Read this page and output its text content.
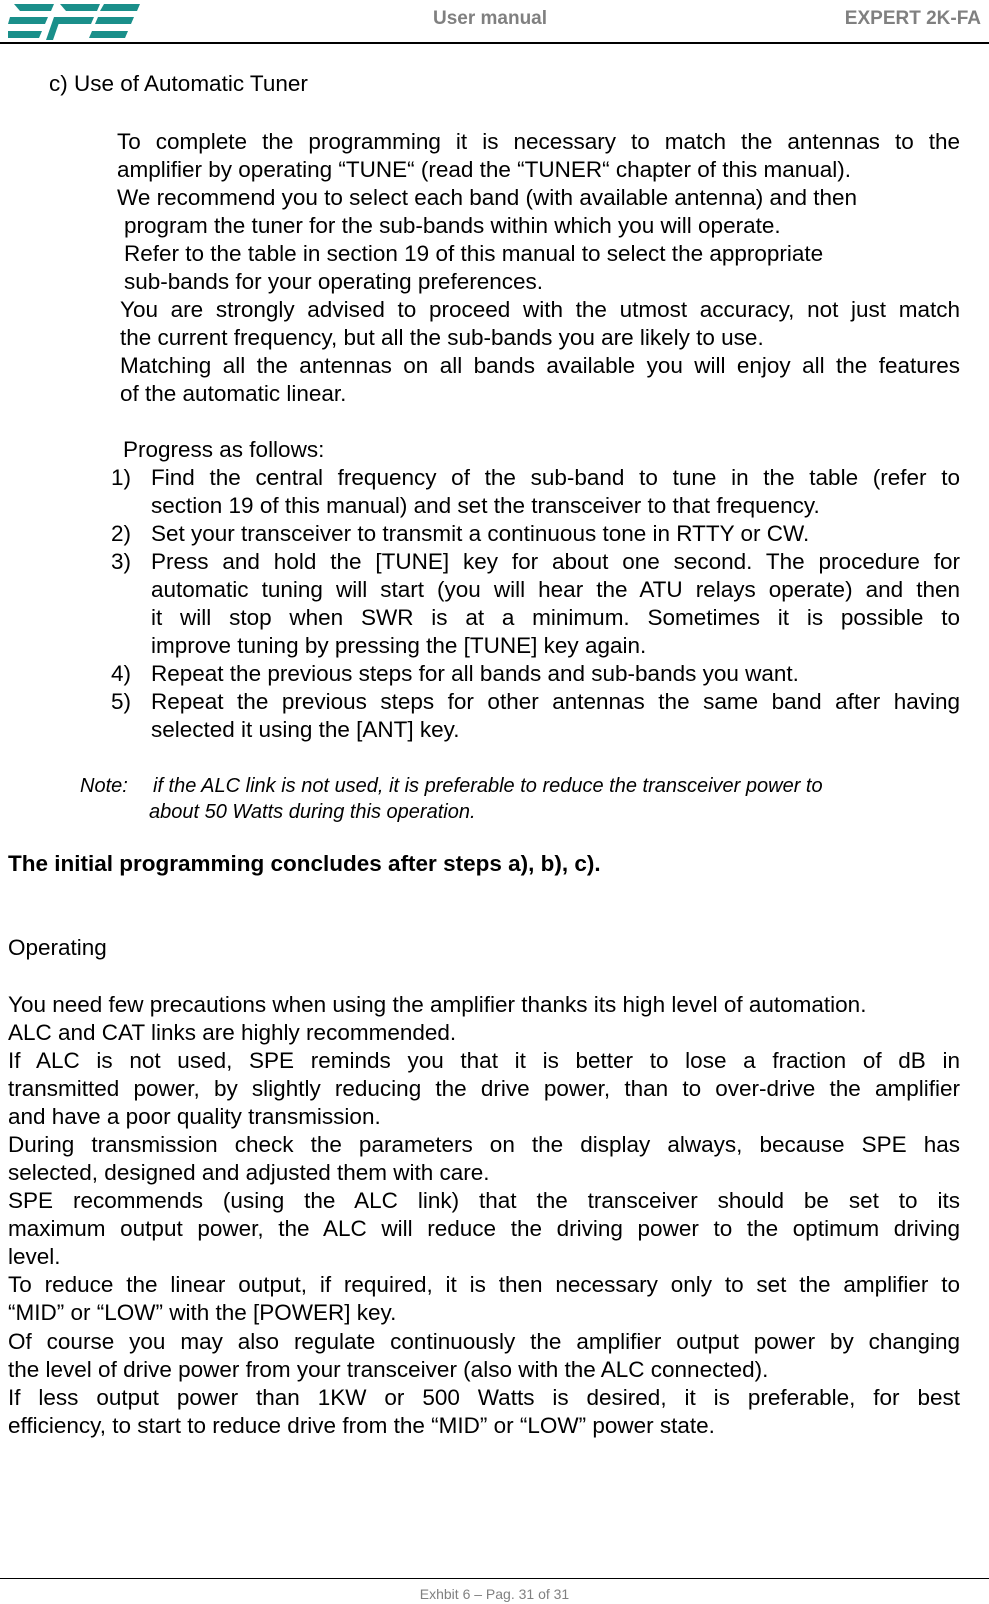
User manual	EXPERT 2K-FA
c) Use of Automatic Tuner
To complete the programming it is necessary to match the antennas to the
amplifier by operating “TUNE“ (read the “TUNER“ chapter of this manual).
We recommend you to select each band (with available antenna) and then
program the tuner for the sub-bands within which you will operate.
Refer to the table in section 19 of this manual to select the appropriate
sub-bands for your operating preferences.
You are strongly advised to proceed with the utmost accuracy, not just match
the current frequency, but all the sub-bands you are likely to use.
Matching all the antennas on all bands available you will enjoy all the features
of the automatic linear.
Progress as follows:
1) Find the central frequency of the sub-band to tune in the table (refer to
section 19 of this manual) and set the transceiver to that frequency.
2) Set your transceiver to transmit a continuous tone in RTTY or CW.
3) Press and hold the [TUNE] key for about one second. The procedure for
automatic tuning will start (you will hear the ATU relays operate) and then
it will stop when SWR is at a minimum. Sometimes it is possible to
improve tuning by pressing the [TUNE] key again.
4) Repeat the previous steps for all bands and sub-bands you want.
5) Repeat the previous steps for other antennas the same band after having
selected it using the [ANT] key.
Note: if the ALC link is not used, it is preferable to reduce the transceiver power to
about 50 Watts during this operation.
The initial programming concludes after steps a), b), c).
Operating
You need few precautions when using the amplifier thanks its high level of automation.
ALC and CAT links are highly recommended.
If ALC is not used, SPE reminds you that it is better to lose a fraction of dB in
transmitted power, by slightly reducing the drive power, than to over-drive the amplifier
and have a poor quality transmission.
During transmission check the parameters on the display always, because SPE has
selected, designed and adjusted them with care.
SPE recommends (using the ALC link) that the transceiver should be set to its
maximum output power, the ALC will reduce the driving power to the optimum driving
level.
To reduce the linear output, if required, it is then necessary only to set the amplifier to
“MID” or “LOW” with the [POWER] key.
Of course you may also regulate continuously the amplifier output power by changing
the level of drive power from your transceiver (also with the ALC connected).
If less output power than 1KW or 500 Watts is desired, it is preferable, for best
efficiency, to start to reduce drive from the “MID” or “LOW” power state.
Exhbit 6 – Pag. 31 of 31
